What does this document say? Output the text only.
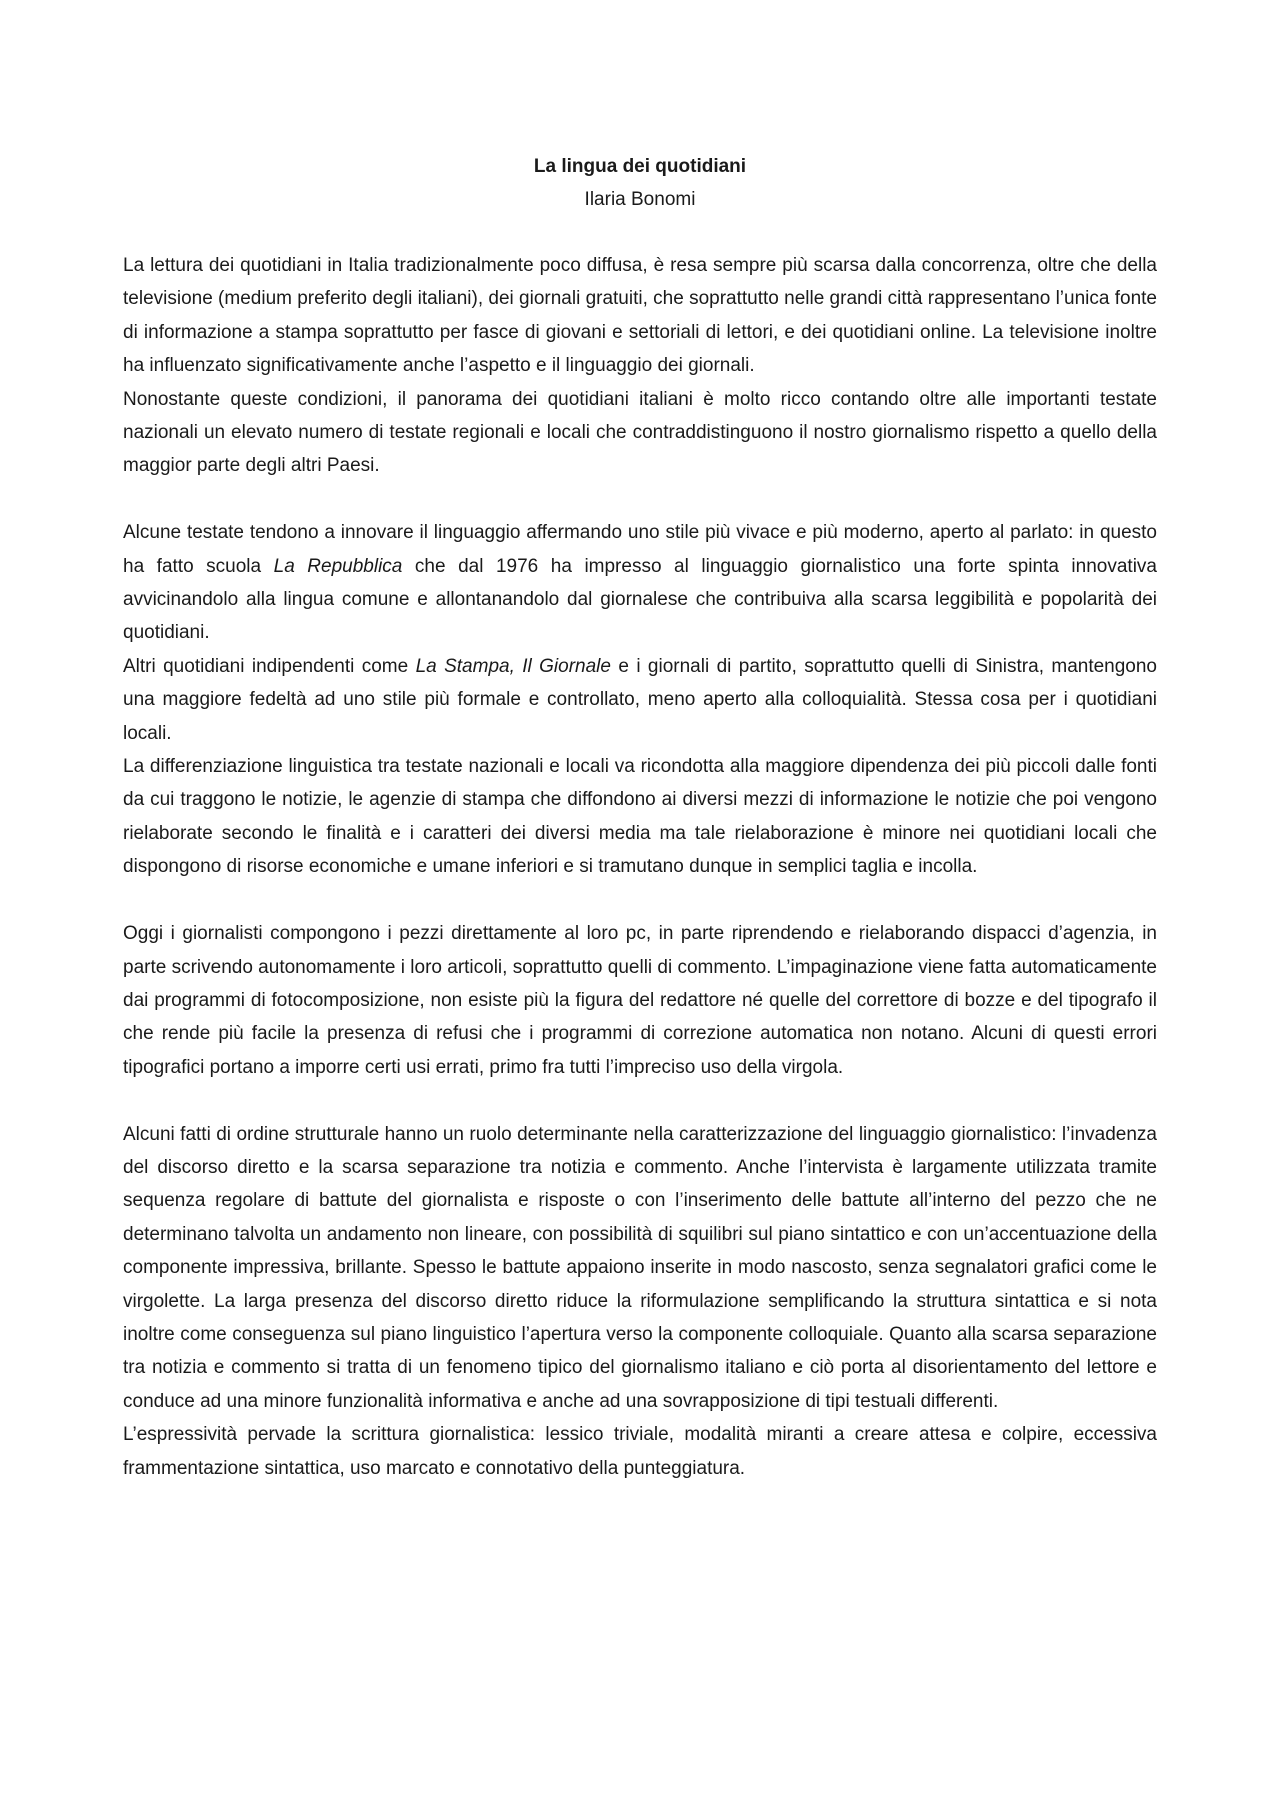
La lingua dei quotidiani

Ilaria Bonomi

La lettura dei quotidiani in Italia tradizionalmente poco diffusa, è resa sempre più scarsa dalla concorrenza, oltre che della televisione (medium preferito degli italiani), dei giornali gratuiti, che soprattutto nelle grandi città rappresentano l’unica fonte di informazione a stampa soprattutto per fasce di giovani e settoriali di lettori, e dei quotidiani online. La televisione inoltre ha influenzato significativamente anche l’aspetto e il linguaggio dei giornali.

Nonostante queste condizioni, il panorama dei quotidiani italiani è molto ricco contando oltre alle importanti testate nazionali un elevato numero di testate regionali e locali che contraddistinguono il nostro giornalismo rispetto a quello della maggior parte degli altri Paesi.

Alcune testate tendono a innovare il linguaggio affermando uno stile più vivace e più moderno, aperto al parlato: in questo ha fatto scuola La Repubblica che dal 1976 ha impresso al linguaggio giornalistico una forte spinta innovativa avvicinandolo alla lingua comune e allontanandolo dal giornalese che contribuiva alla scarsa leggibilità e popolarità dei quotidiani.

Altri quotidiani indipendenti come La Stampa, Il Giornale e i giornali di partito, soprattutto quelli di Sinistra, mantengono una maggiore fedeltà ad uno stile più formale e controllato, meno aperto alla colloquialità. Stessa cosa per i quotidiani locali.

La differenziazione linguistica tra testate nazionali e locali va ricondotta alla maggiore dipendenza dei più piccoli dalle fonti da cui traggono le notizie, le agenzie di stampa che diffondono ai diversi mezzi di informazione le notizie che poi vengono rielaborate secondo le finalità e i caratteri dei diversi media ma tale rielaborazione è minore nei quotidiani locali che dispongono di risorse economiche e umane inferiori e si tramutano dunque in semplici taglia e incolla.

Oggi i giornalisti compongono i pezzi direttamente al loro pc, in parte riprendendo e rielaborando dispacci d’agenzia, in parte scrivendo autonomamente i loro articoli, soprattutto quelli di commento. L’impaginazione viene fatta automaticamente dai programmi di fotocomposizione, non esiste più la figura del redattore né quelle del correttore di bozze e del tipografo il che rende più facile la presenza di refusi che i programmi di correzione automatica non notano. Alcuni di questi errori tipografici portano a imporre certi usi errati, primo fra tutti l’impreciso uso della virgola.

Alcuni fatti di ordine strutturale hanno un ruolo determinante nella caratterizzazione del linguaggio giornalistico: l’invadenza del discorso diretto e la scarsa separazione tra notizia e commento. Anche l’intervista è largamente utilizzata tramite sequenza regolare di battute del giornalista e risposte o con l’inserimento delle battute all’interno del pezzo che ne determinano talvolta un andamento non lineare, con possibilità di squilibri sul piano sintattico e con un’accentuazione della componente impressiva, brillante. Spesso le battute appaiono inserite in modo nascosto, senza segnalatori grafici come le virgolette. La larga presenza del discorso diretto riduce la riformulazione semplificando la struttura sintattica e si nota inoltre come conseguenza sul piano linguistico l’apertura verso la componente colloquiale. Quanto alla scarsa separazione tra notizia e commento si tratta di un fenomeno tipico del giornalismo italiano e ciò porta al disorientamento del lettore e conduce ad una minore funzionalità informativa e anche ad una sovrapposizione di tipi testuali differenti.

L’espressività pervade la scrittura giornalistica: lessico triviale, modalità miranti a creare attesa e colpire, eccessiva frammentazione sintattica, uso marcato e connotativo della punteggiatura.
